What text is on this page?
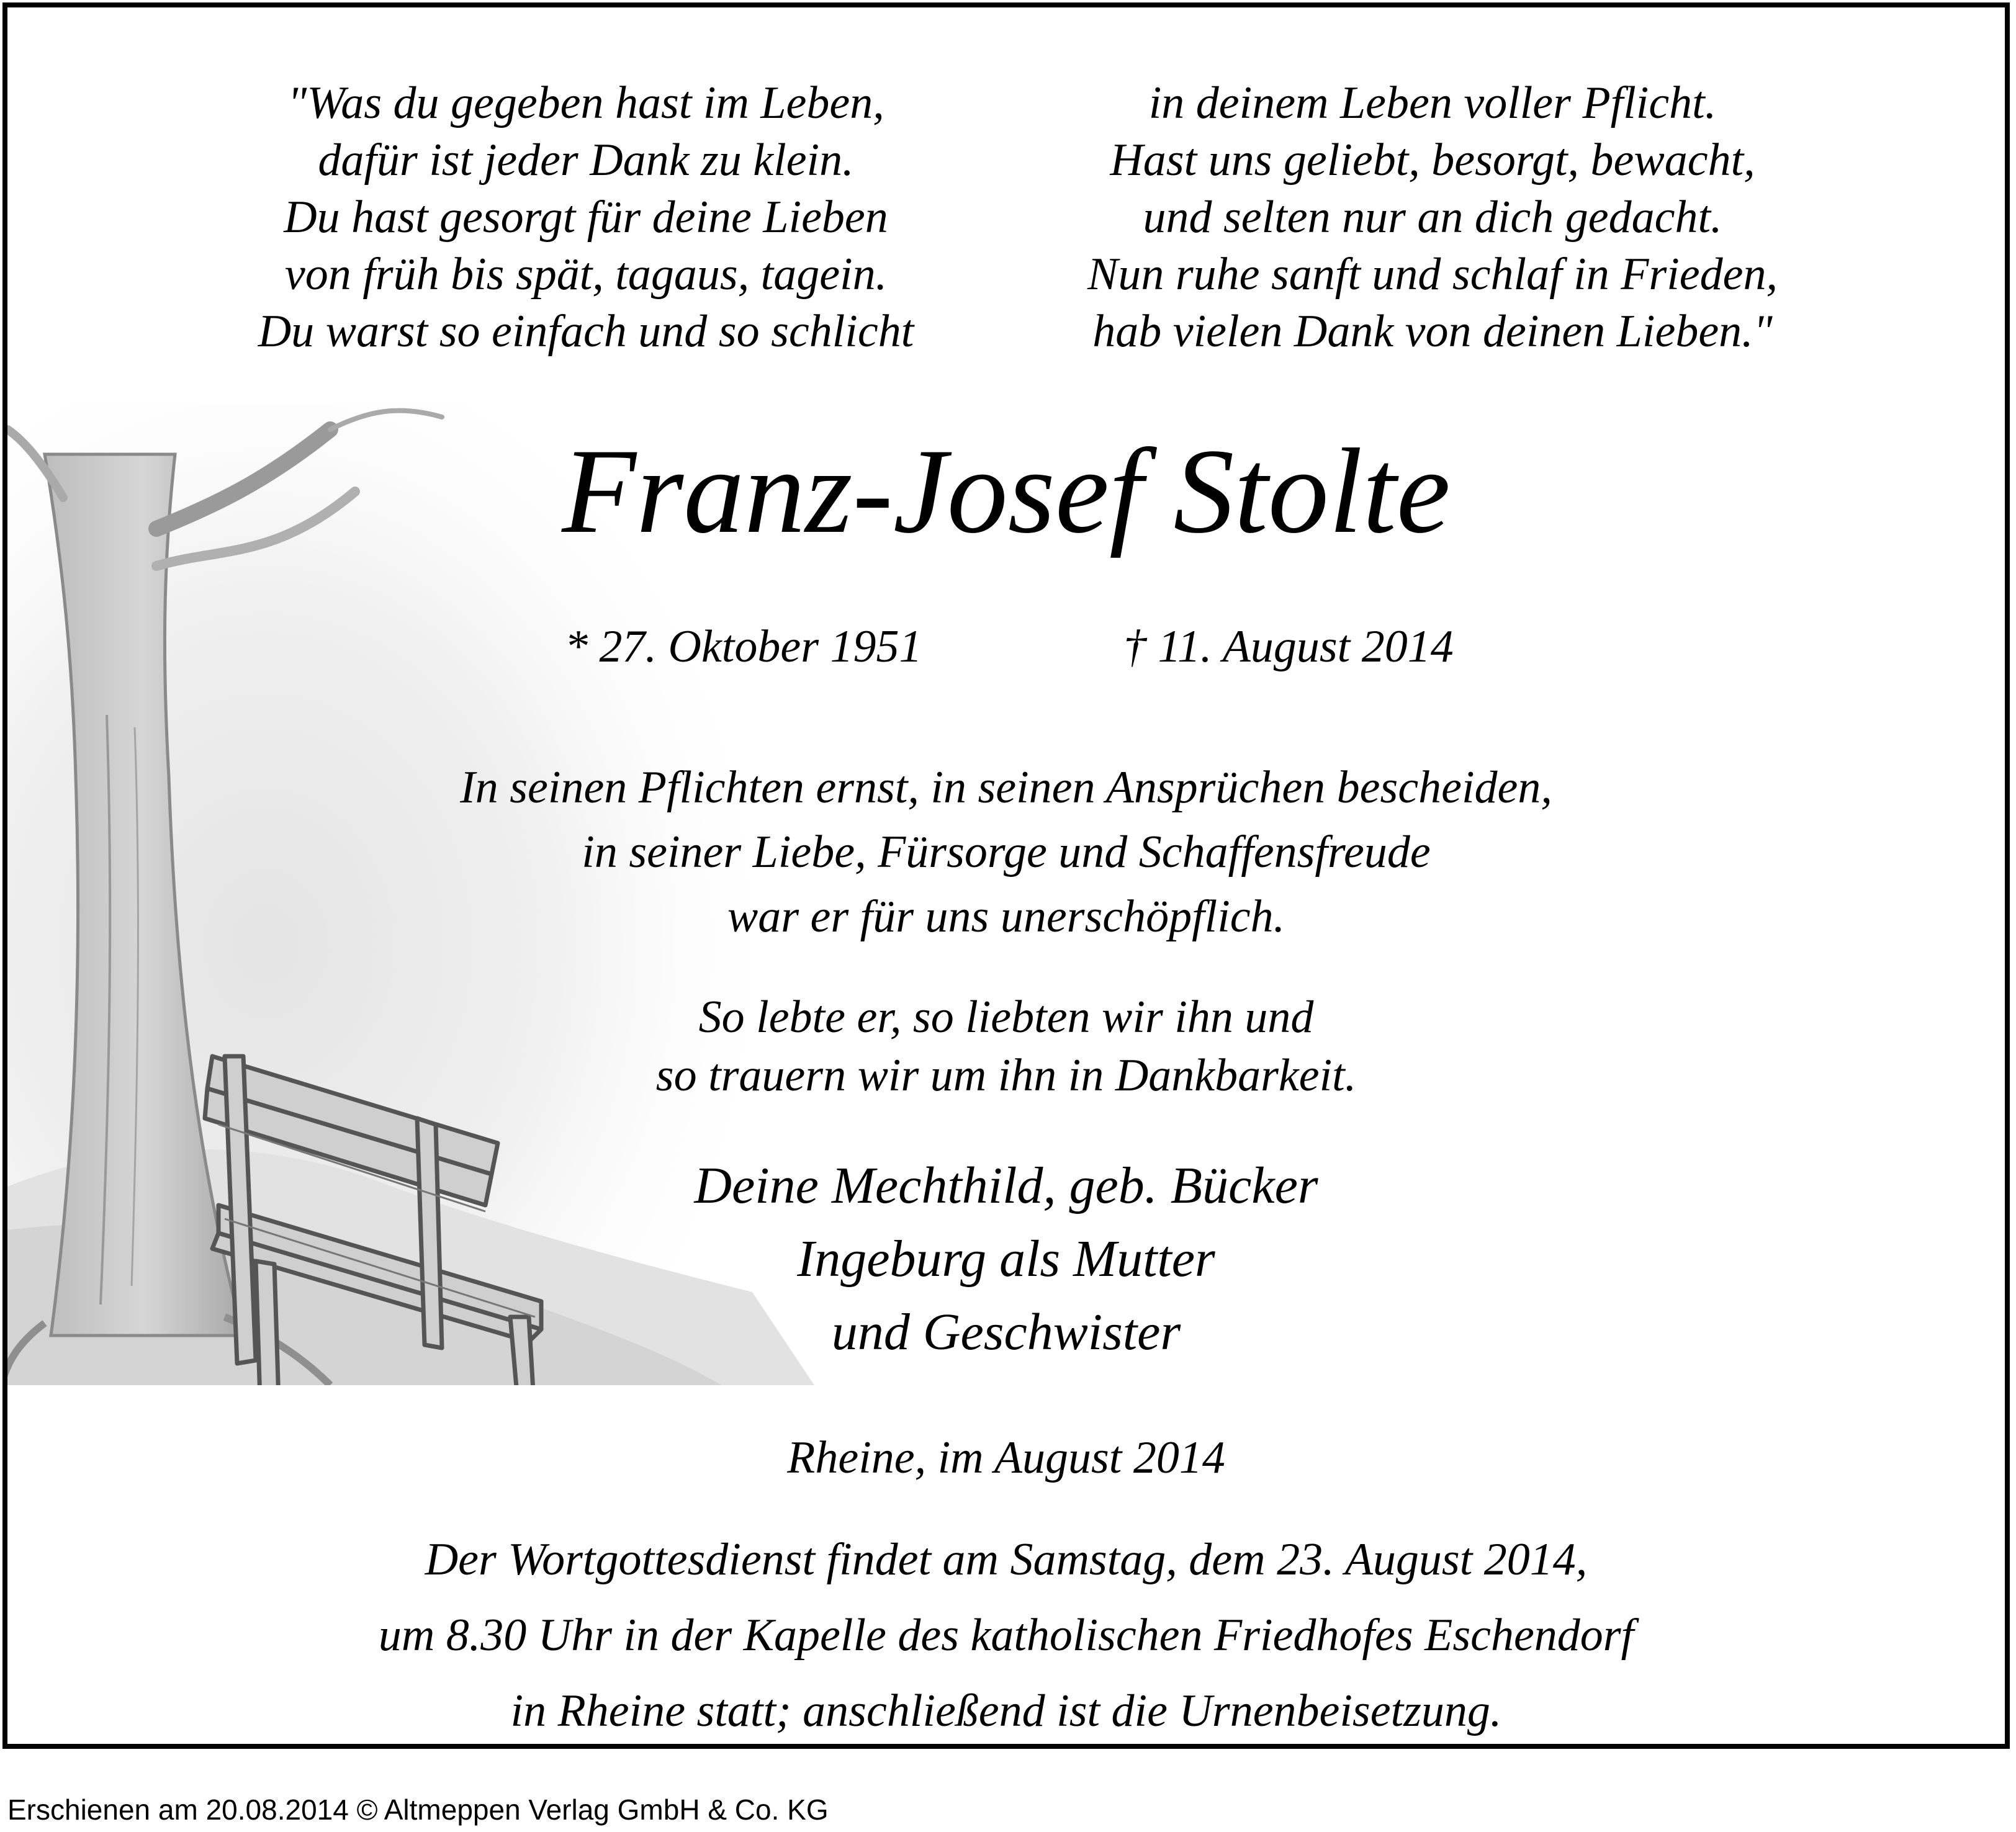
"Was du gegeben hast im Leben,
dafür ist jeder Dank zu klein.
Du hast gesorgt für deine Lieben
von früh bis spät, tagaus, tagein.
Du warst so einfach und so schlicht
in deinem Leben voller Pflicht.
Hast uns geliebt, besorgt, bewacht,
und selten nur an dich gedacht.
Nun ruhe sanft und schlaf in Frieden,
hab vielen Dank von deinen Lieben."
Franz-Josef Stolte
* 27. Oktober 1951	† 11. August 2014
In seinen Pflichten ernst, in seinen Ansprüchen bescheiden,
in seiner Liebe, Fürsorge und Schaffensfreude
war er für uns unerschöpflich.
So lebte er, so liebten wir ihn und
so trauern wir um ihn in Dankbarkeit.
Deine Mechthild, geb. Bücker
Ingeburg als Mutter
und Geschwister
Rheine, im August 2014
Der Wortgottesdienst findet am Samstag, dem 23. August 2014,
um 8.30 Uhr in der Kapelle des katholischen Friedhofes Eschendorf
in Rheine statt; anschließend ist die Urnenbeisetzung.
Erschienen am 20.08.2014 © Altmeppen Verlag GmbH & Co. KG
